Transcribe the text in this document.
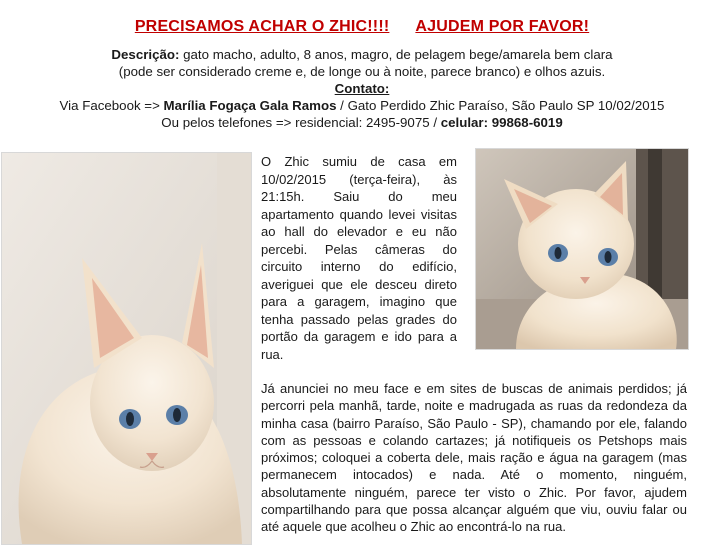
PRECISAMOS ACHAR O ZHIC!!!! AJUDEM POR FAVOR!
Descrição: gato macho, adulto, 8 anos, magro, de pelagem bege/amarela bem clara
(pode ser considerado creme e, de longe ou à noite, parece branco) e olhos azuis.
Contato:
Via Facebook => Marília Fogaça Gala Ramos / Gato Perdido Zhic Paraíso, São Paulo SP 10/02/2015
Ou pelos telefones => residencial: 2495-9075 / celular: 99868-6019
O Zhic sumiu de casa em 10/02/2015 (terça-feira), às 21:15h. Saiu do meu apartamento quando levei visitas ao hall do elevador e eu não percebi. Pelas câmeras do circuito interno do edifício, averiguei que ele desceu direto para a garagem, imagino que tenha passado pelas grades do portão da garagem e ido para a rua.
Já anunciei no meu face e em sites de buscas de animais perdidos; já percorri pela manhã, tarde, noite e madrugada as ruas da redondeza da minha casa (bairro Paraíso, São Paulo - SP), chamando por ele, falando com as pessoas e colando cartazes; já notifiqueis os Petshops mais próximos; coloquei a coberta dele, mais ração e água na garagem (mas permanecem intocados) e nada. Até o momento, ninguém, absolutamente ninguém, parece ter visto o Zhic. Por favor, ajudem compartilhando para que possa alcançar alguém que viu, ouviu falar ou até aquele que acolheu o Zhic ao encontrá-lo na rua.
